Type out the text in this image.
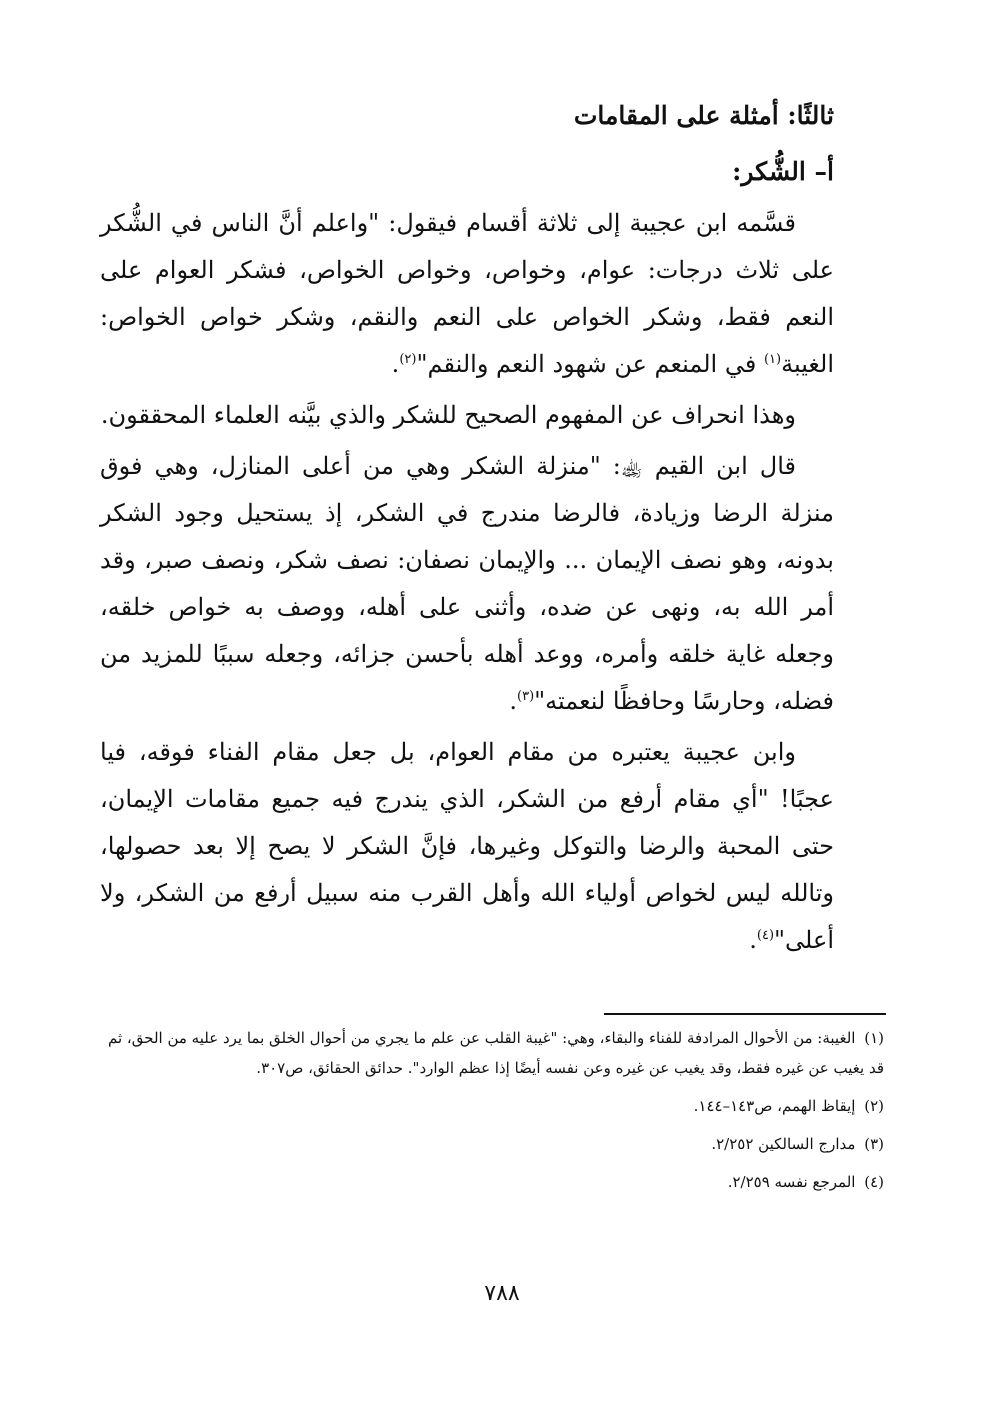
ثالثًا: أمثلة على المقامات
أ– الشُّكر:

قسَّمه ابن عجيبة إلى ثلاثة أقسام فيقول: "واعلم أنَّ الناس في الشُّكر على ثلاث درجات: عوام، وخواص، وخواص الخواص، فشكر العوام على النعم فقط، وشكر الخواص على النعم والنقم، وشكر خواص الخواص: الغيبة$^{(١)}$ في المنعم عن شهود النعم والنقم"$^{(٢)}$.

وهذا انحراف عن المفهوم الصحيح للشكر والذي بيَّنه العلماء المحققون.

قال ابن القيم ﵀: "منزلة الشكر وهي من أعلى المنازل، وهي فوق منزلة الرضا وزيادة، فالرضا مندرج في الشكر، إذ يستحيل وجود الشكر بدونه، وهو نصف الإيمان ... والإيمان نصفان: نصف شكر، ونصف صبر، وقد أمر الله به، ونهى عن ضده، وأثنى على أهله، ووصف به خواص خلقه، وجعله غاية خلقه وأمره، ووعد أهله بأحسن جزائه، وجعله سببًا للمزيد من فضله، وحارسًا وحافظًا لنعمته"$^{(٣)}$.

وابن عجيبة يعتبره من مقام العوام، بل جعل مقام الفناء فوقه، فيا عجبًا! "أي مقام أرفع من الشكر، الذي يندرج فيه جميع مقامات الإيمان، حتى المحبة والرضا والتوكل وغيرها، فإنَّ الشكر لا يصح إلا بعد حصولها، وتالله ليس لخواص أولياء الله وأهل القرب منه سبيل أرفع من الشكر، ولا أعلى"$^{(٤)}$.

(١) الغيبة: من الأحوال المرادفة للفناء والبقاء، وهي: "غيبة القلب عن علم ما يجري من أحوال الخلق بما يرد عليه من الحق، ثم قد يغيب عن غيره فقط، وقد يغيب عن غيره وعن نفسه أيضًا إذا عظم الوارد". حدائق الحقائق، ص٣٠٧.

(٢) إيقاظ الهمم، ص١٤٣–١٤٤.

(٣) مدارج السالكين ٢/٢٥٢.

(٤) المرجع نفسه ٢/٢٥٩.

٧٨٨
